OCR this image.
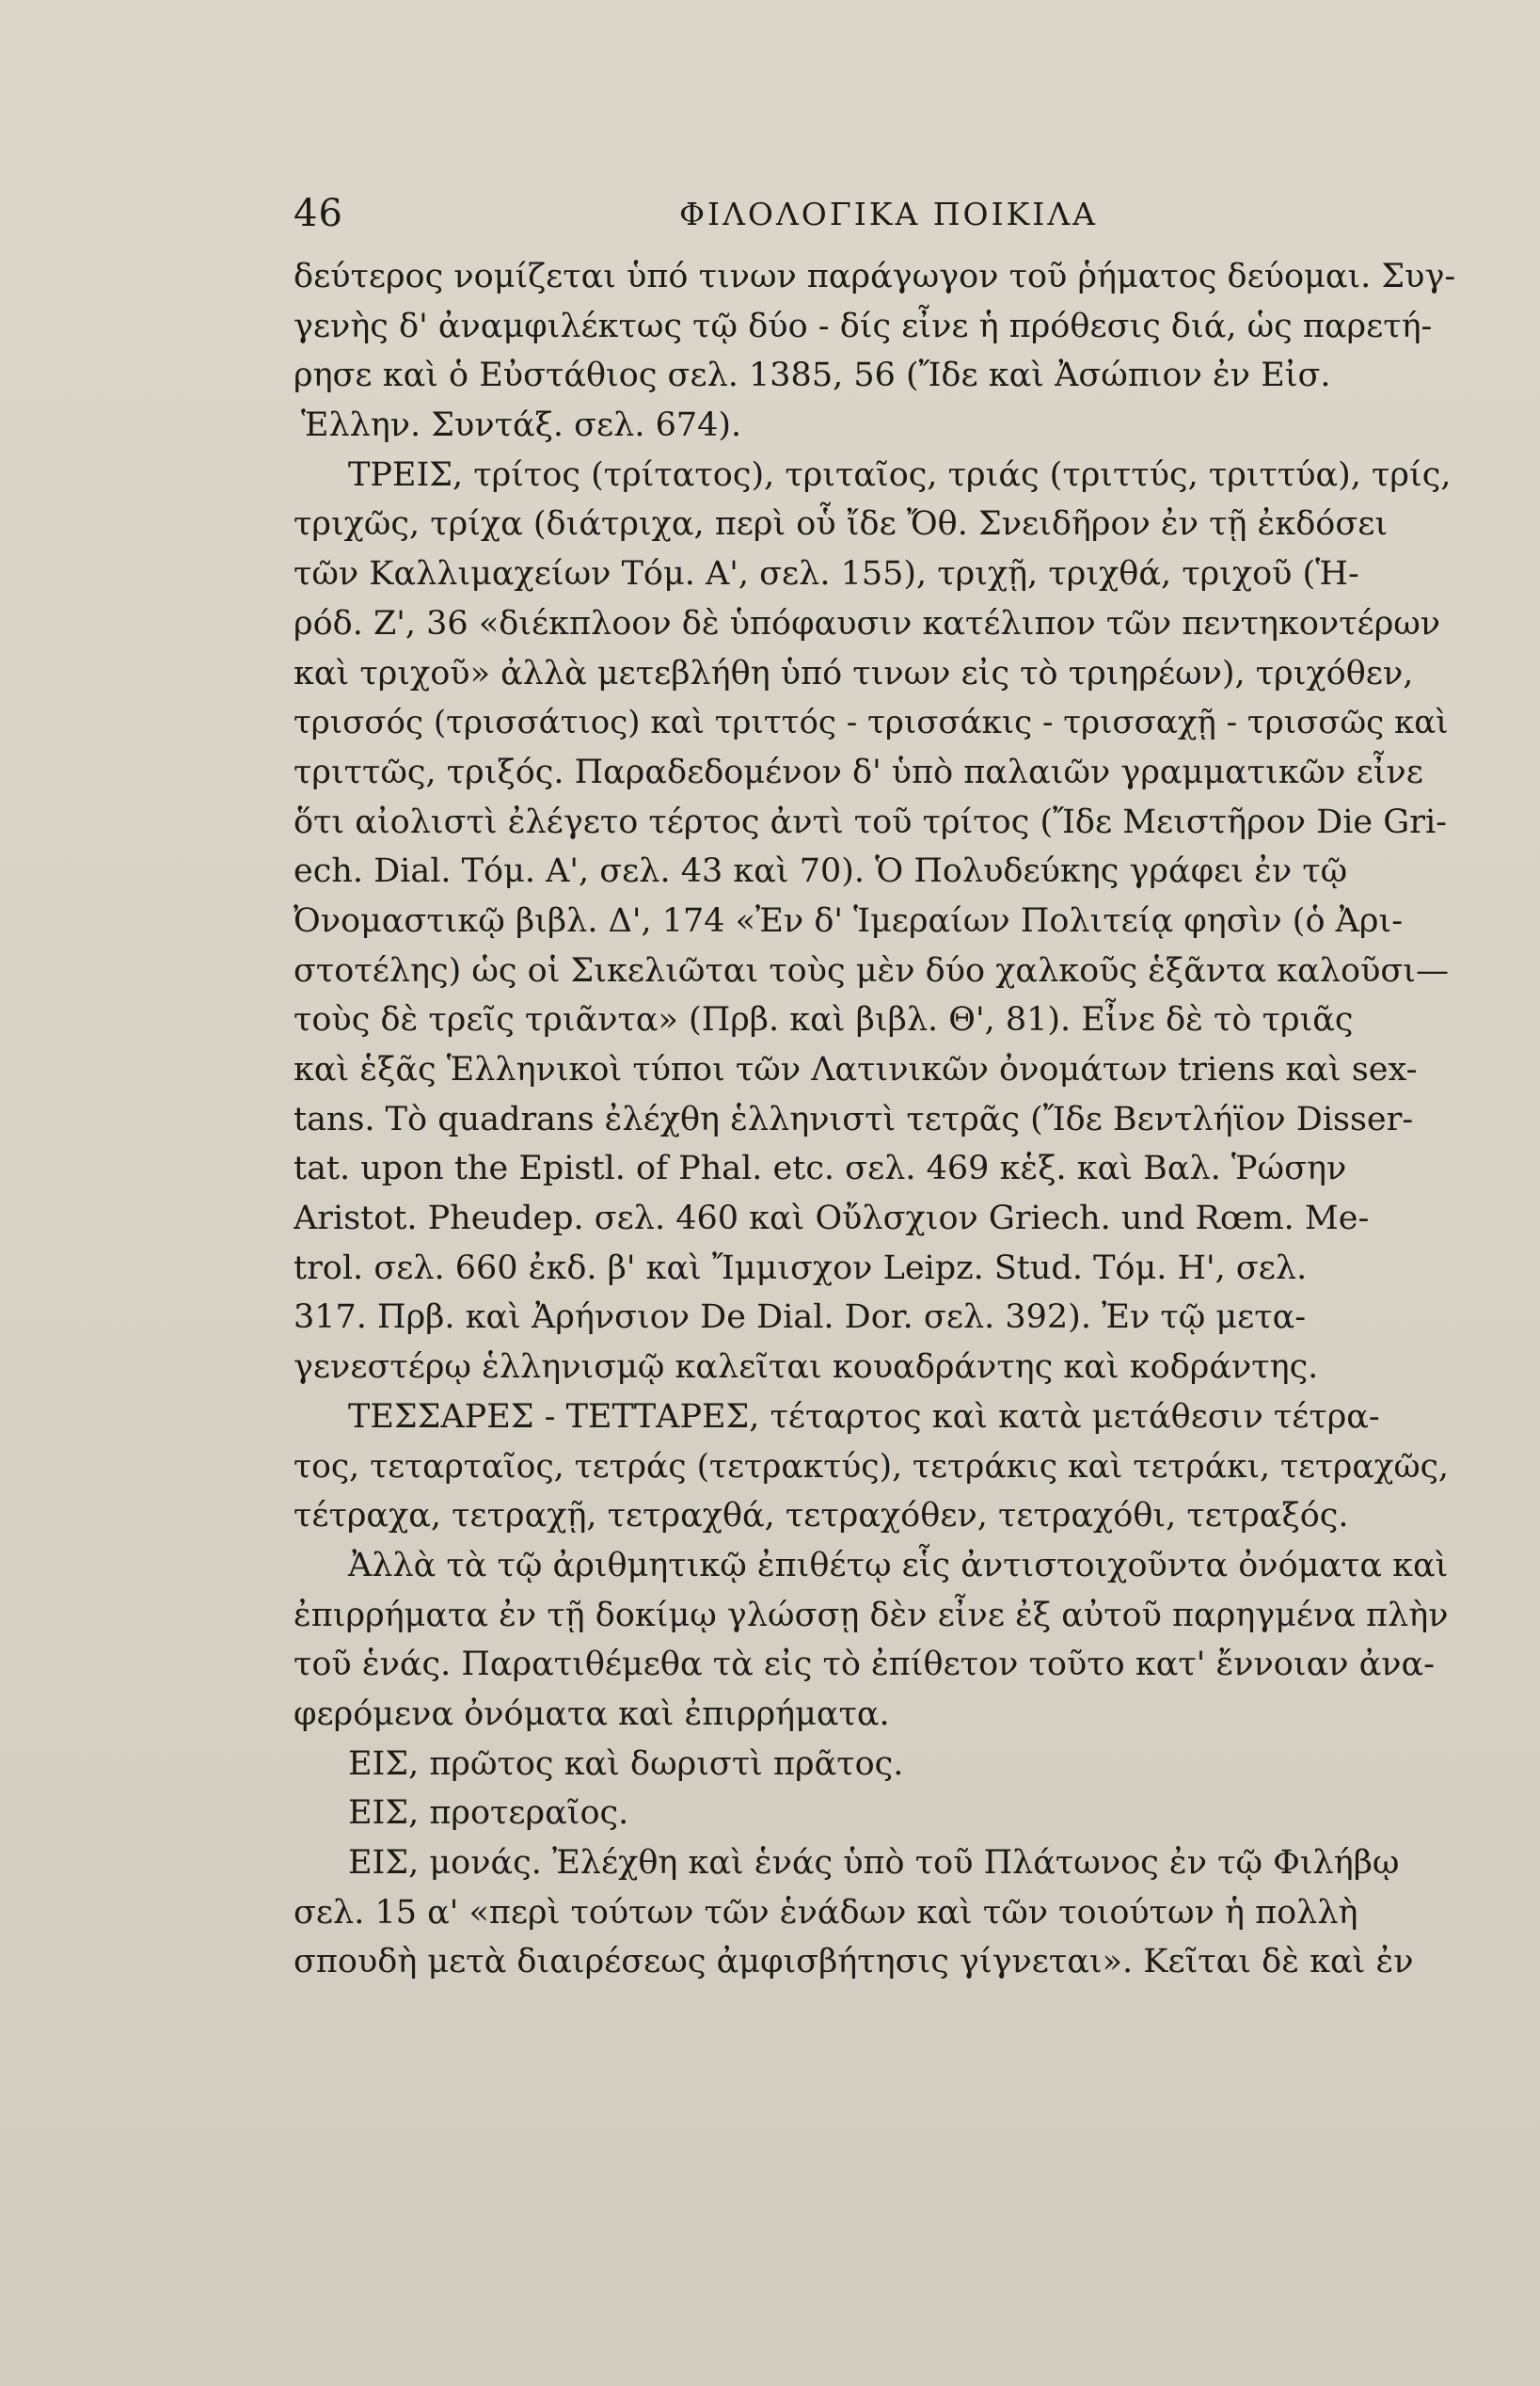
46	ΦΙΛΟΛΟΓΙΚΑ ΠΟΙΚΙΛΑ
δεύτερος νομίζεται ὑπό τινων παράγωγον τοῦ ῥήματος δεύομαι. Συγ-
γενὴς δ' ἀναμφιλέκτως τῷ δύο - δίς εἶνε ἡ πρόθεσις διά, ὡς παρετή-
ρησε καὶ ὁ Εὐστάθιος σελ. 1385, 56 (Ἴδε καὶ Ἀσώπιον ἐν Εἰσ.
Ἑλλην. Συντάξ. σελ. 674).
ΤΡΕΙΣ, τρίτος (τρίτατος), τριταῖος, τριάς (τριττύς, τριττύα), τρίς,
τριχῶς, τρίχα (διάτριχα, περὶ οὗ ἴδε Ὄθ. Σνειδῆρον ἐν τῇ ἐκδόσει
τῶν Καλλιμαχείων Τόμ. Α', σελ. 155), τριχῇ, τριχθά, τριχοῦ (Ἡ-
ρόδ. Ζ', 36 «διέκπλοον δὲ ὑπόφαυσιν κατέλιπον τῶν πεντηκοντέρων
καὶ τριχοῦ» ἀλλὰ μετεβλήθη ὑπό τινων εἰς τὸ τριηρέων), τριχόθεν,
τρισσός (τρισσάτιος) καὶ τριττός - τρισσάκις - τρισσαχῇ - τρισσῶς καὶ
τριττῶς, τριξός. Παραδεδομένον δ' ὑπὸ παλαιῶν γραμματικῶν εἶνε
ὅτι αἰολιστὶ ἐλέγετο τέρτος ἀντὶ τοῦ τρίτος (Ἴδε Μειστῆρον Die Gri-
ech. Dial. Τόμ. Α', σελ. 43 καὶ 70). Ὁ Πολυδεύκης γράφει ἐν τῷ
Ὀνομαστικῷ βιβλ. Δ', 174 «Ἐν δ' Ἱμεραίων Πολιτείᾳ φησὶν (ὁ Ἀρι-
στοτέλης) ὡς οἱ Σικελιῶται τοὺς μὲν δύο χαλκοῦς ἑξᾶντα καλοῦσι—
τοὺς δὲ τρεῖς τριᾶντα» (Πρβ. καὶ βιβλ. Θ', 81). Εἶνε δὲ τὸ τριᾶς
καὶ ἑξᾶς Ἑλληνικοὶ τύποι τῶν Λατινικῶν ὀνομάτων triens καὶ sex-
tans. Τὸ quadrans ἐλέχθη ἑλληνιστὶ τετρᾶς (Ἴδε Βεντλήϊον Disser-
tat. upon the Epistl. of Phal. etc. σελ. 469 κἑξ. καὶ Βαλ. Ῥώσην
Aristot. Pheudep. σελ. 460 καὶ Οὔλσχιον Griech. und Rœm. Me-
trol. σελ. 660 ἐκδ. β' καὶ Ἴμμισχον Leipz. Stud. Τόμ. Η', σελ.
317. Πρβ. καὶ Ἀρήνσιον De Dial. Dor. σελ. 392). Ἐν τῷ μετα-
γενεστέρῳ ἑλληνισμῷ καλεῖται κουαδράντης καὶ κοδράντης.
ΤΕΣΣΑΡΕΣ - ΤΕΤΤΑΡΕΣ, τέταρτος καὶ κατὰ μετάθεσιν τέτρα-
τος, τεταρταῖος, τετράς (τετρακτύς), τετράκις καὶ τετράκι, τετραχῶς,
τέτραχα, τετραχῇ, τετραχθά, τετραχόθεν, τετραχόθι, τετραξός.
Ἀλλὰ τὰ τῷ ἀριθμητικῷ ἐπιθέτῳ εἷς ἀντιστοιχοῦντα ὀνόματα καὶ
ἐπιρρήματα ἐν τῇ δοκίμῳ γλώσσῃ δὲν εἶνε ἐξ αὐτοῦ παρηγμένα πλὴν
τοῦ ἑνάς. Παρατιθέμεθα τὰ εἰς τὸ ἐπίθετον τοῦτο κατ' ἔννοιαν ἀνα-
φερόμενα ὀνόματα καὶ ἐπιρρήματα.
ΕΙΣ, πρῶτος καὶ δωριστὶ πρᾶτος.
ΕΙΣ, προτεραῖος.
ΕΙΣ, μονάς. Ἐλέχθη καὶ ἑνάς ὑπὸ τοῦ Πλάτωνος ἐν τῷ Φιλήβῳ
σελ. 15 α' «περὶ τούτων τῶν ἑνάδων καὶ τῶν τοιούτων ἡ πολλὴ
σπουδὴ μετὰ διαιρέσεως ἀμφισβήτησις γίγνεται». Κεῖται δὲ καὶ ἐν
